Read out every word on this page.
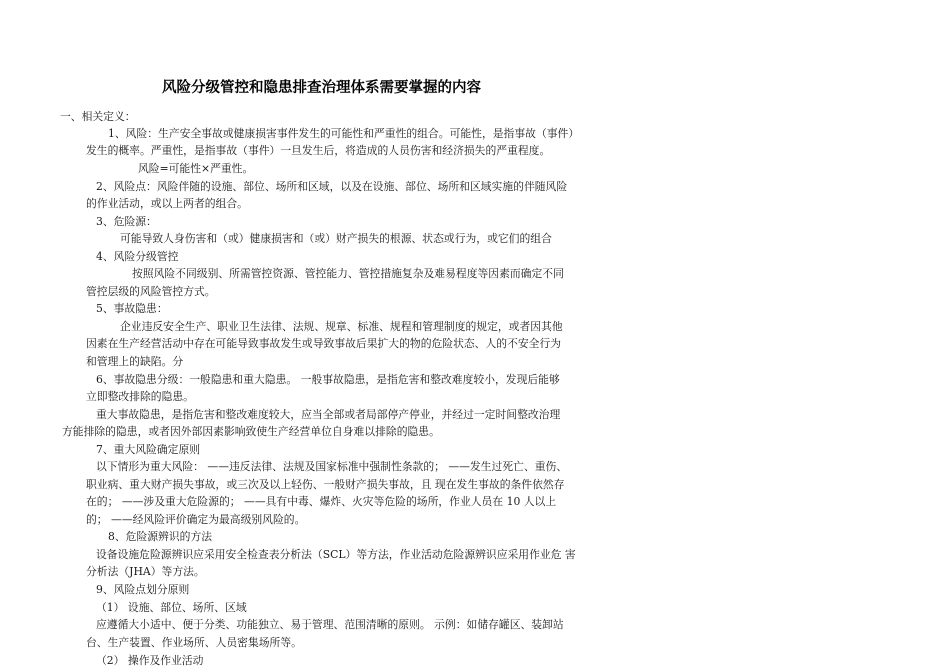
风险分级管控和隐患排查治理体系需要掌握的内容
一、相关定义：
1、风险：生产安全事故或健康损害事件发生的可能性和严重性的组合。可能性，是指事故（事件）
发生的概率。严重性，是指事故（事件）一旦发生后，将造成的人员伤害和经济损失的严重程度。
风险=可能性×严重性。
2、风险点：风险伴随的设施、部位、场所和区域，以及在设施、部位、场所和区域实施的伴随风险
的作业活动，或以上两者的组合。
3、危险源：
可能导致人身伤害和（或）健康损害和（或）财产损失的根源、状态或行为，或它们的组合
4、风险分级管控
按照风险不同级别、所需管控资源、管控能力、管控措施复杂及难易程度等因素而确定不同
管控层级的风险管控方式。
5、事故隐患：
企业违反安全生产、职业卫生法律、法规、规章、标准、规程和管理制度的规定，或者因其他
因素在生产经营活动中存在可能导致事故发生或导致事故后果扩大的物的危险状态、人的不安全行为
和管理上的缺陷。分
6、事故隐患分级：一般隐患和重大隐患。 一般事故隐患，是指危害和整改难度较小，发现后能够
立即整改排除的隐患。
重大事故隐患，是指危害和整改难度较大，应当全部或者局部停产停业，并经过一定时间整改治理
方能排除的隐患，或者因外部因素影响致使生产经营单位自身难以排除的隐患。
7、重大风险确定原则
以下情形为重大风险： ——违反法律、法规及国家标准中强制性条款的； ——发生过死亡、重伤、
职业病、重大财产损失事故，或三次及以上轻伤、一般财产损失事故，且 现在发生事故的条件依然存
在的； ——涉及重大危险源的； ——具有中毒、爆炸、火灾等危险的场所，作业人员在 10 人以上
的； ——经风险评价确定为最高级别风险的。
8、危险源辨识的方法
设备设施危险源辨识应采用安全检查表分析法（SCL）等方法，作业活动危险源辨识应采用作业危 害
分析法（JHA）等方法。
9、风险点划分原则
（1） 设施、部位、场所、区域
应遵循大小适中、便于分类、功能独立、易于管理、范围清晰的原则。 示例：如储存罐区、装卸站
台、生产装置、作业场所、人员密集场所等。
（2） 操作及作业活动
